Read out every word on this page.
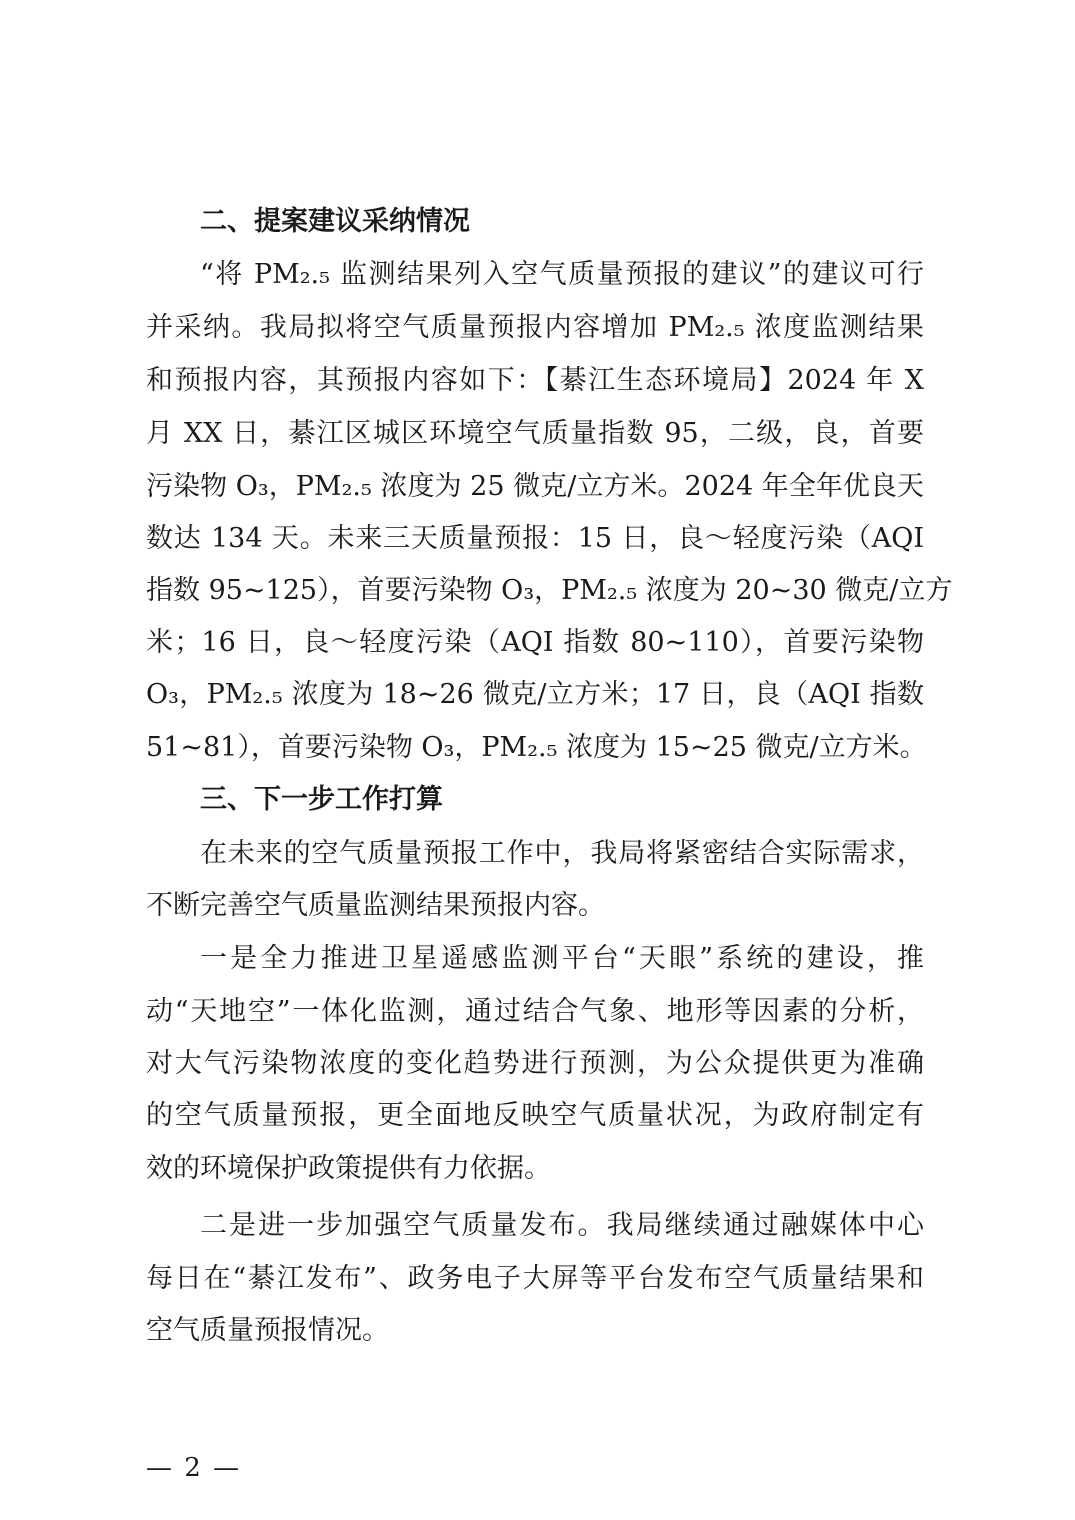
二、提案建议采纳情况
“将 PM₂.₅ 监测结果列入空气质量预报的建议”的建议可行
并采纳。我局拟将空气质量预报内容增加 PM₂.₅ 浓度监测结果
和预报内容，其预报内容如下：【綦江生态环境局】2024 年 X
月 XX 日，綦江区城区环境空气质量指数 95，二级，良，首要
污染物 O₃，PM₂.₅ 浓度为 25 微克/立方米。2024 年全年优良天
数达 134 天。未来三天质量预报：15 日，良～轻度污染（AQI
指数 95~125），首要污染物 O₃，PM₂.₅ 浓度为 20~30 微克/立方
米；16 日，良～轻度污染（AQI 指数 80~110），首要污染物
O₃，PM₂.₅ 浓度为 18~26 微克/立方米；17 日，良（AQI 指数
51~81），首要污染物 O₃，PM₂.₅ 浓度为 15~25 微克/立方米。
三、下一步工作打算
在未来的空气质量预报工作中，我局将紧密结合实际需求，
不断完善空气质量监测结果预报内容。
一是全力推进卫星遥感监测平台“天眼”系统的建设，推
动“天地空”一体化监测，通过结合气象、地形等因素的分析，
对大气污染物浓度的变化趋势进行预测，为公众提供更为准确
的空气质量预报，更全面地反映空气质量状况，为政府制定有
效的环境保护政策提供有力依据。
二是进一步加强空气质量发布。我局继续通过融媒体中心
每日在“綦江发布”、政务电子大屏等平台发布空气质量结果和
空气质量预报情况。
— 2 —
